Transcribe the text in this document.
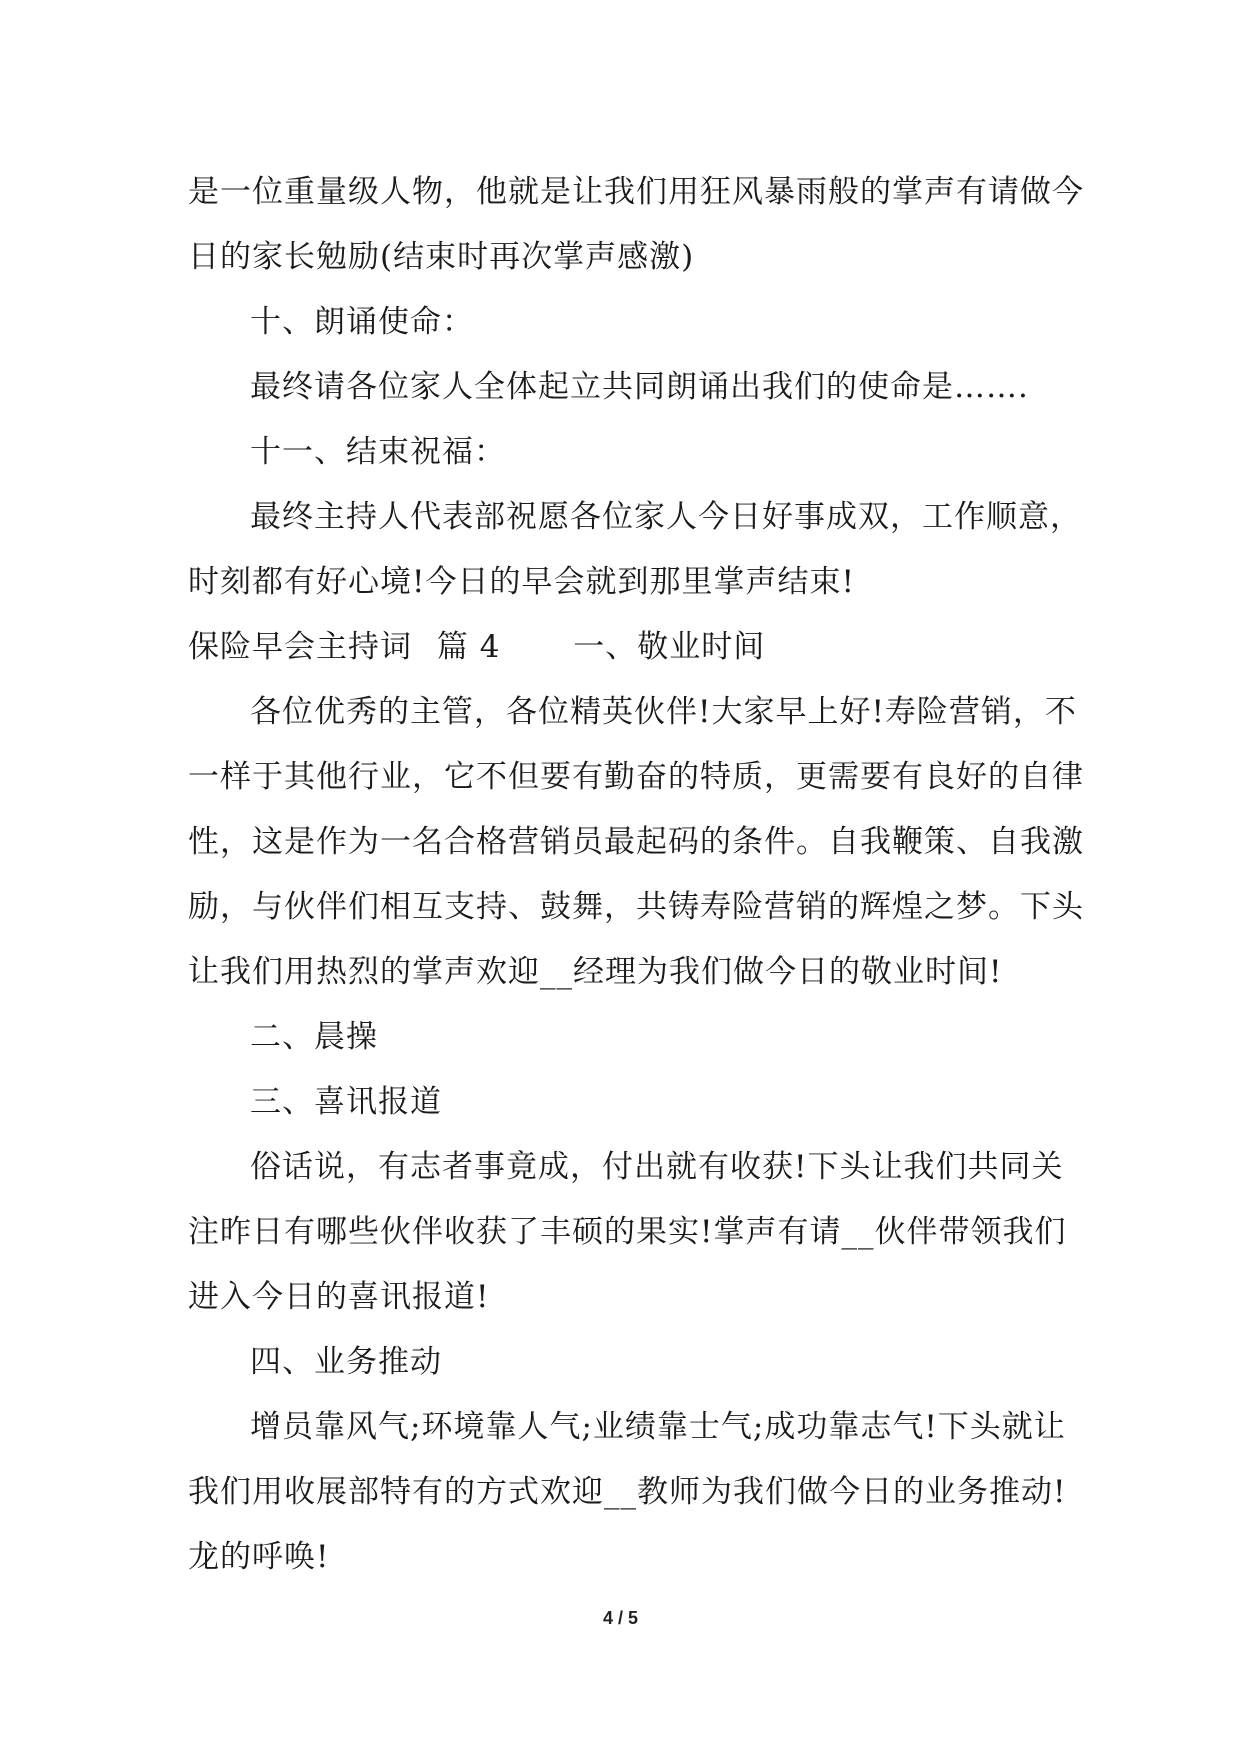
是一位重量级人物，他就是让我们用狂风暴雨般的掌声有请做今
日的家长勉励(结束时再次掌声感激)
十、朗诵使命：
最终请各位家人全体起立共同朗诵出我们的使命是…….
十一、结束祝福：
最终主持人代表部祝愿各位家人今日好事成双，工作顺意，
时刻都有好心境!今日的早会就到那里掌声结束!
保险早会主持词 篇 4 一、敬业时间
各位优秀的主管，各位精英伙伴!大家早上好!寿险营销，不
一样于其他行业，它不但要有勤奋的特质，更需要有良好的自律
性，这是作为一名合格营销员最起码的条件。自我鞭策、自我激
励，与伙伴们相互支持、鼓舞，共铸寿险营销的辉煌之梦。下头
让我们用热烈的掌声欢迎__经理为我们做今日的敬业时间!
二、晨操
三、喜讯报道
俗话说，有志者事竟成，付出就有收获!下头让我们共同关
注昨日有哪些伙伴收获了丰硕的果实!掌声有请__伙伴带领我们
进入今日的喜讯报道!
四、业务推动
增员靠风气;环境靠人气;业绩靠士气;成功靠志气!下头就让
我们用收展部特有的方式欢迎__教师为我们做今日的业务推动!
龙的呼唤!
4 / 5
